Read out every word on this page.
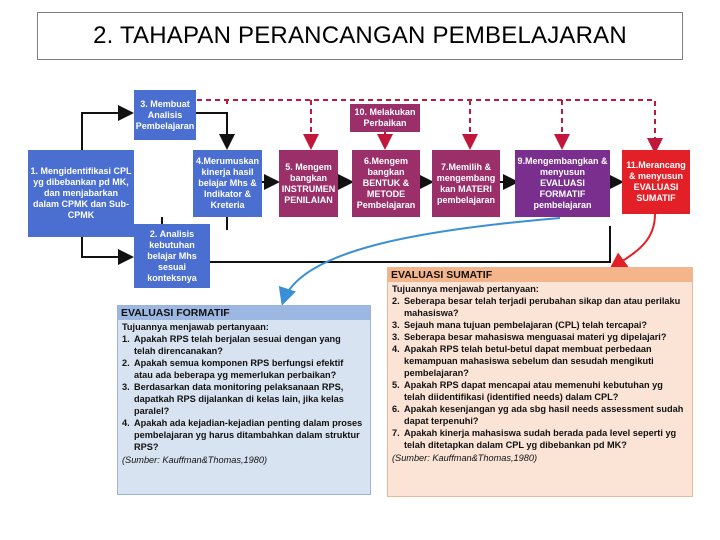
2. TAHAPAN PERANCANGAN PEMBELAJARAN
1. Mengidentifikasi CPL yg dibebankan pd MK, dan menjabarkan dalam CPMK dan Sub-CPMK
3. Membuat Analisis Pembelajaran
2. Analisis kebutuhan belajar Mhs sesuai konteksnya
4.Merumuskan kinerja hasil belajar Mhs & Indikator & Kreteria
5. Mengem bangkan INSTRUMEN PENILAIAN
10. Melakukan Perbaikan
6.Mengem bangkan BENTUK & METODE Pembelajaran
7.Memilih & mengembang kan MATERI pembelajaran
9.Mengembangkan & menyusun EVALUASI FORMATIF pembelajaran
11.Merancang & menyusun EVALUASI SUMATIF
EVALUASI FORMATIF
Tujuannya menjawab pertanyaan:
1. Apakah RPS telah berjalan sesuai dengan yang telah direncanakan?
2. Apakah semua komponen RPS berfungsi efektif atau ada beberapa yg memerlukan perbaikan?
3. Berdasarkan data monitoring pelaksanaan RPS, dapatkah RPS dijalankan di kelas lain, jika kelas paralel?
4. Apakah ada kejadian-kejadian penting dalam proses pembelajaran yg harus ditambahkan dalam struktur RPS?
(Sumber: Kauffman&Thomas,1980)
EVALUASI SUMATIF
Tujuannya menjawab pertanyaan:
2. Seberapa besar telah terjadi perubahan sikap dan atau perilaku mahasiswa?
3. Sejauh mana tujuan pembelajaran (CPL) telah tercapai?
3. Seberapa besar mahasiswa menguasai materi yg dipelajari?
4. Apakah RPS telah betul-betul dapat membuat perbedaan kemampuan mahasiswa sebelum dan sesudah mengikuti pembelajaran?
5. Apakah RPS dapat mencapai atau memenuhi kebutuhan yg telah diidentifikasi (identified needs) dalam CPL?
6. Apakah kesenjangan yg ada sbg hasil needs assessment sudah dapat terpenuhi?
7. Apakah kinerja mahasiswa sudah berada pada level seperti yg telah ditetapkan dalam CPL yg dibebankan pd MK?
(Sumber: Kauffman&Thomas,1980)
